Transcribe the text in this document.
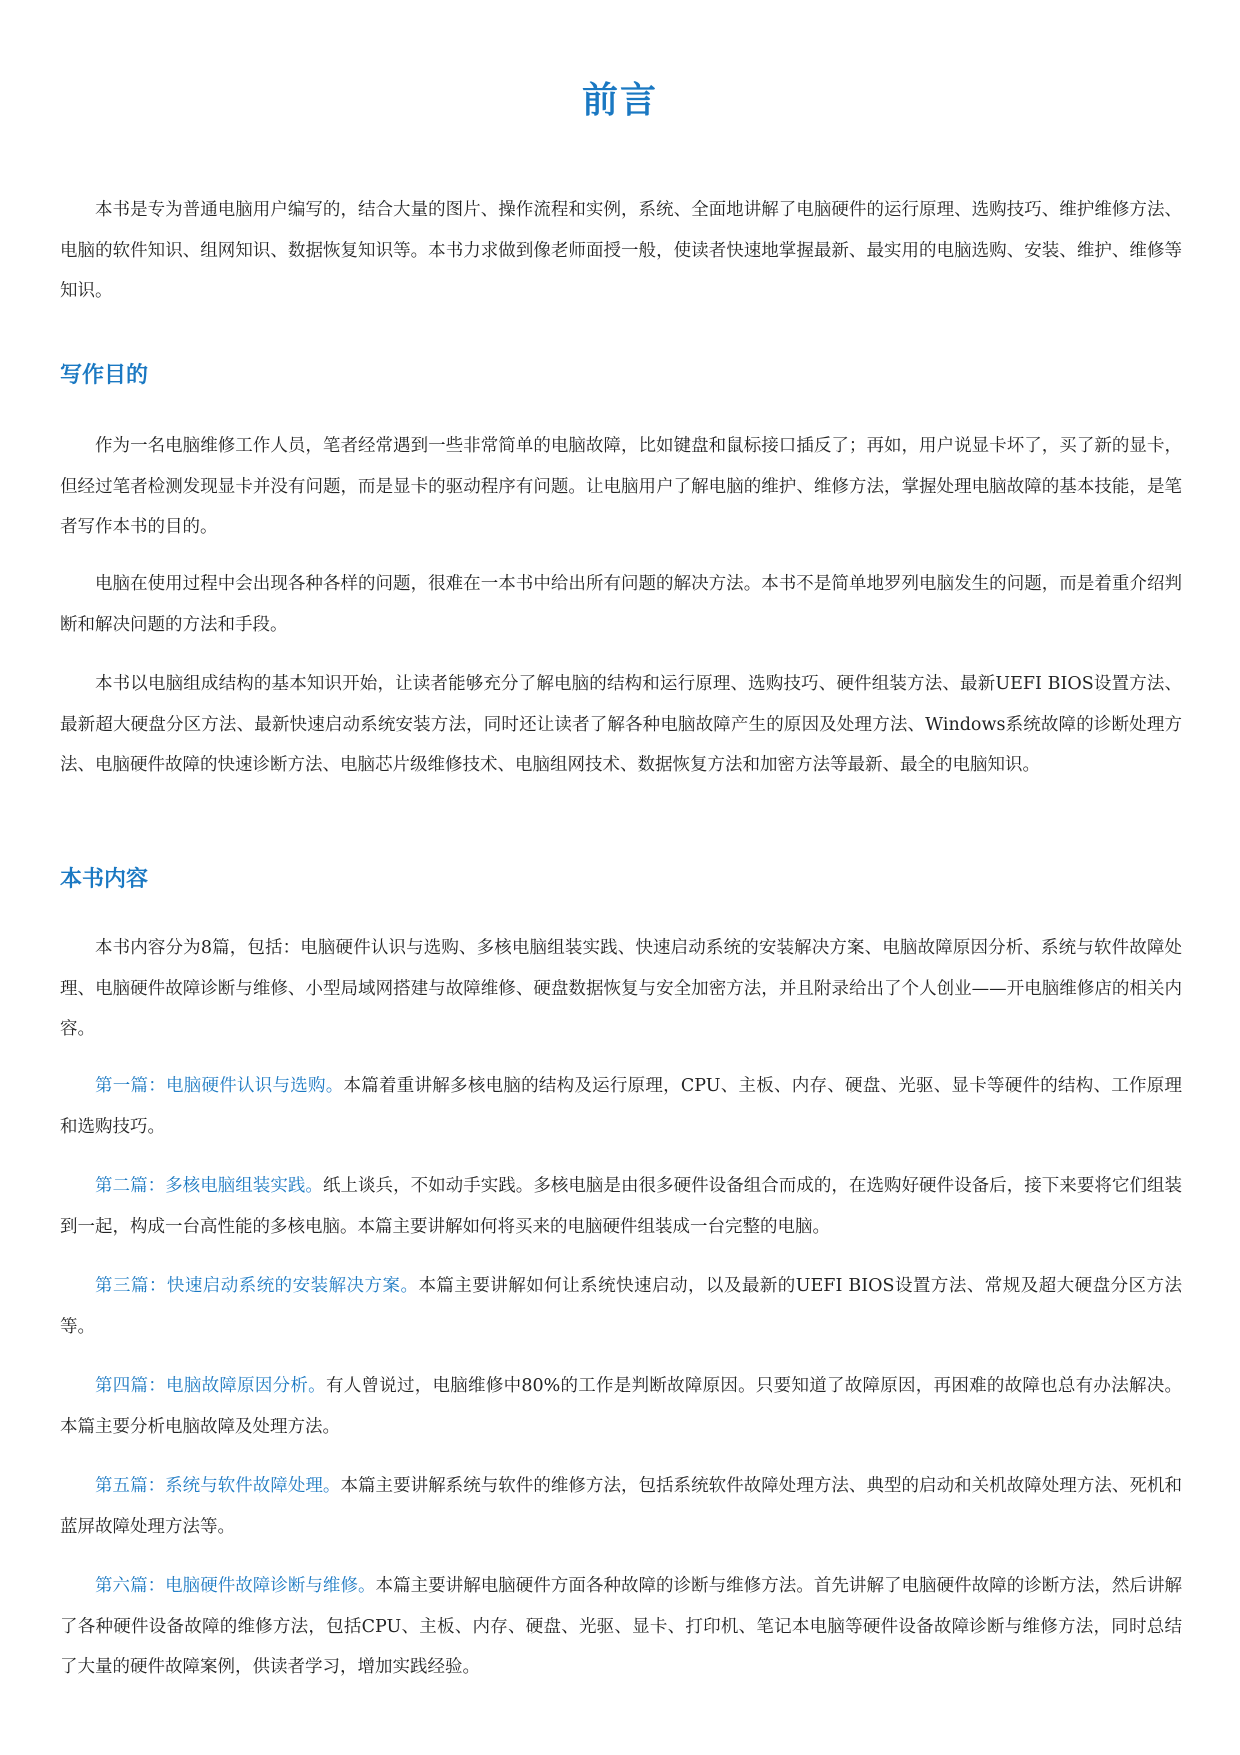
前言

本书是专为普通电脑用户编写的，结合大量的图片、操作流程和实例，系统、全面地讲解了电脑硬件的运行原理、选购技巧、维护维修方法、电脑的软件知识、组网知识、数据恢复知识等。本书力求做到像老师面授一般，使读者快速地掌握最新、最实用的电脑选购、安装、维护、维修等知识。

写作目的

作为一名电脑维修工作人员，笔者经常遇到一些非常简单的电脑故障，比如键盘和鼠标接口插反了；再如，用户说显卡坏了，买了新的显卡，但经过笔者检测发现显卡并没有问题，而是显卡的驱动程序有问题。让电脑用户了解电脑的维护、维修方法，掌握处理电脑故障的基本技能，是笔者写作本书的目的。

电脑在使用过程中会出现各种各样的问题，很难在一本书中给出所有问题的解决方法。本书不是简单地罗列电脑发生的问题，而是着重介绍判断和解决问题的方法和手段。

本书以电脑组成结构的基本知识开始，让读者能够充分了解电脑的结构和运行原理、选购技巧、硬件组装方法、最新UEFI BIOS设置方法、最新超大硬盘分区方法、最新快速启动系统安装方法，同时还让读者了解各种电脑故障产生的原因及处理方法、Windows系统故障的诊断处理方法、电脑硬件故障的快速诊断方法、电脑芯片级维修技术、电脑组网技术、数据恢复方法和加密方法等最新、最全的电脑知识。

本书内容

本书内容分为8篇，包括：电脑硬件认识与选购、多核电脑组装实践、快速启动系统的安装解决方案、电脑故障原因分析、系统与软件故障处理、电脑硬件故障诊断与维修、小型局域网搭建与故障维修、硬盘数据恢复与安全加密方法，并且附录给出了个人创业——开电脑维修店的相关内容。

第一篇：电脑硬件认识与选购。本篇着重讲解多核电脑的结构及运行原理，CPU、主板、内存、硬盘、光驱、显卡等硬件的结构、工作原理和选购技巧。

第二篇：多核电脑组装实践。纸上谈兵，不如动手实践。多核电脑是由很多硬件设备组合而成的，在选购好硬件设备后，接下来要将它们组装到一起，构成一台高性能的多核电脑。本篇主要讲解如何将买来的电脑硬件组装成一台完整的电脑。

第三篇：快速启动系统的安装解决方案。本篇主要讲解如何让系统快速启动，以及最新的UEFI BIOS设置方法、常规及超大硬盘分区方法等。

第四篇：电脑故障原因分析。有人曾说过，电脑维修中80%的工作是判断故障原因。只要知道了故障原因，再困难的故障也总有办法解决。本篇主要分析电脑故障及处理方法。

第五篇：系统与软件故障处理。本篇主要讲解系统与软件的维修方法，包括系统软件故障处理方法、典型的启动和关机故障处理方法、死机和蓝屏故障处理方法等。

第六篇：电脑硬件故障诊断与维修。本篇主要讲解电脑硬件方面各种故障的诊断与维修方法。首先讲解了电脑硬件故障的诊断方法，然后讲解了各种硬件设备故障的维修方法，包括CPU、主板、内存、硬盘、光驱、显卡、打印机、笔记本电脑等硬件设备故障诊断与维修方法，同时总结了大量的硬件故障案例，供读者学习，增加实践经验。
